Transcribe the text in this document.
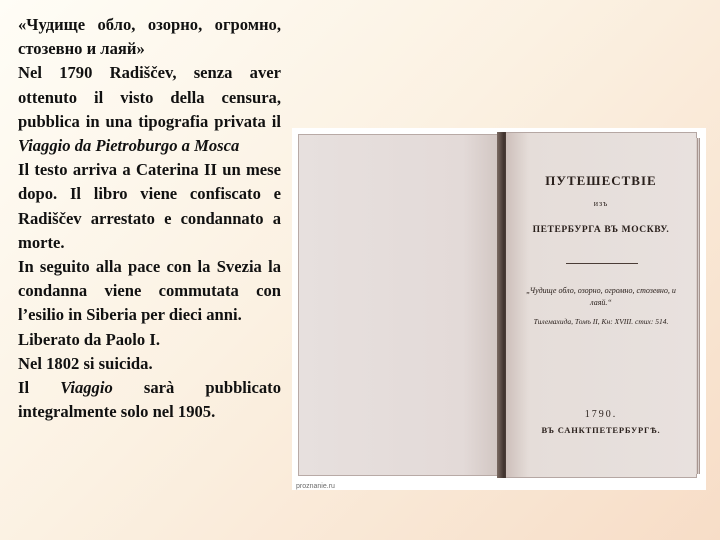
«Чудище обло, озорно, огромно, стозевно и лаяй»

Nel 1790 Radiščev, senza aver ottenuto il visto della censura, pubblica in una tipografia privata il Viaggio da Pietroburgo a Mosca

Il testo arriva a Caterina II un mese dopo. Il libro viene confiscato e Radiščev arrestato e condannato a morte.

In seguito alla pace con la Svezia la condanna viene commutata con l’esilio in Siberia per dieci anni.

Liberato da Paolo I.

Nel 1802 si suicida.

Il Viaggio sarà pubblicato integralmente solo nel 1905.

ПУТЕШЕСТВІЕ
изъ
ПЕТЕРБУРГА ВЪ МОСКВУ.
„Чудище обло, озорно, огромно, стозевно, и лаяй.“
Тилемахида, Томъ II, Кн: XVIII. стих: 514.
1790.
ВЪ САНКТПЕТЕРБУРГѢ.
proznanie.ru
